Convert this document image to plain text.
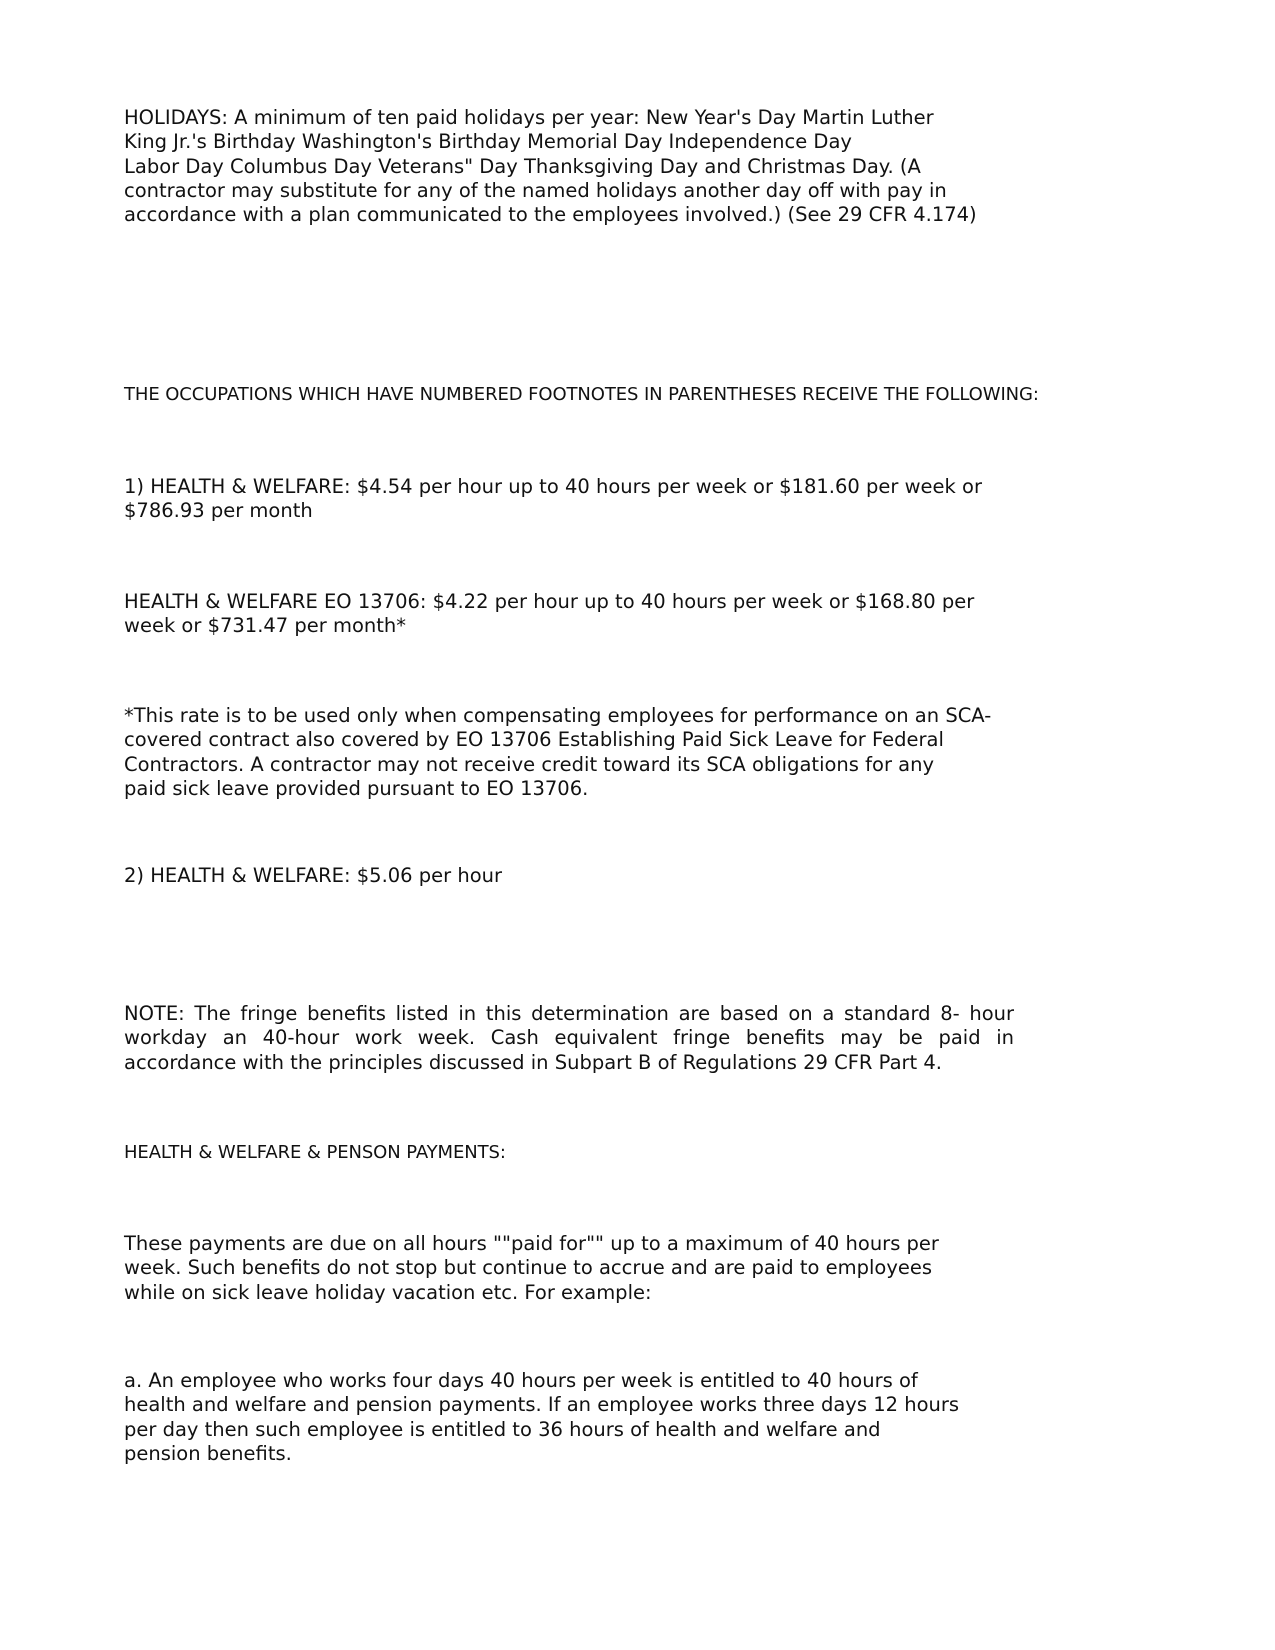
HOLIDAYS: A minimum of ten paid holidays per year: New Year's Day Martin Luther
King Jr.'s Birthday Washington's Birthday Memorial Day Independence Day
Labor Day Columbus Day Veterans" Day Thanksgiving Day and Christmas Day. (A
contractor may substitute for any of the named holidays another day off with pay in
accordance with a plan communicated to the employees involved.) (See 29 CFR 4.174)
THE OCCUPATIONS WHICH HAVE NUMBERED FOOTNOTES IN PARENTHESES RECEIVE THE FOLLOWING:
1) HEALTH & WELFARE: $4.54 per hour up to 40 hours per week or $181.60 per week or
$786.93 per month
HEALTH & WELFARE EO 13706: $4.22 per hour up to 40 hours per week or $168.80 per
week or $731.47 per month*
*This rate is to be used only when compensating employees for performance on an SCA-
covered contract also covered by EO 13706 Establishing Paid Sick Leave for Federal
Contractors. A contractor may not receive credit toward its SCA obligations for any
paid sick leave provided pursuant to EO 13706.
2) HEALTH & WELFARE: $5.06 per hour
NOTE: The fringe benefits listed in this determination are based on a standard 8- hour
workday an 40-hour work week. Cash equivalent fringe benefits may be paid in
accordance with the principles discussed in Subpart B of Regulations 29 CFR Part 4.
HEALTH & WELFARE & PENSON PAYMENTS:
These payments are due on all hours ""paid for"" up to a maximum of 40 hours per
week. Such benefits do not stop but continue to accrue and are paid to employees
while on sick leave holiday vacation etc. For example:
a. An employee who works four days 40 hours per week is entitled to 40 hours of
health and welfare and pension payments. If an employee works three days 12 hours
per day then such employee is entitled to 36 hours of health and welfare and
pension benefits.
